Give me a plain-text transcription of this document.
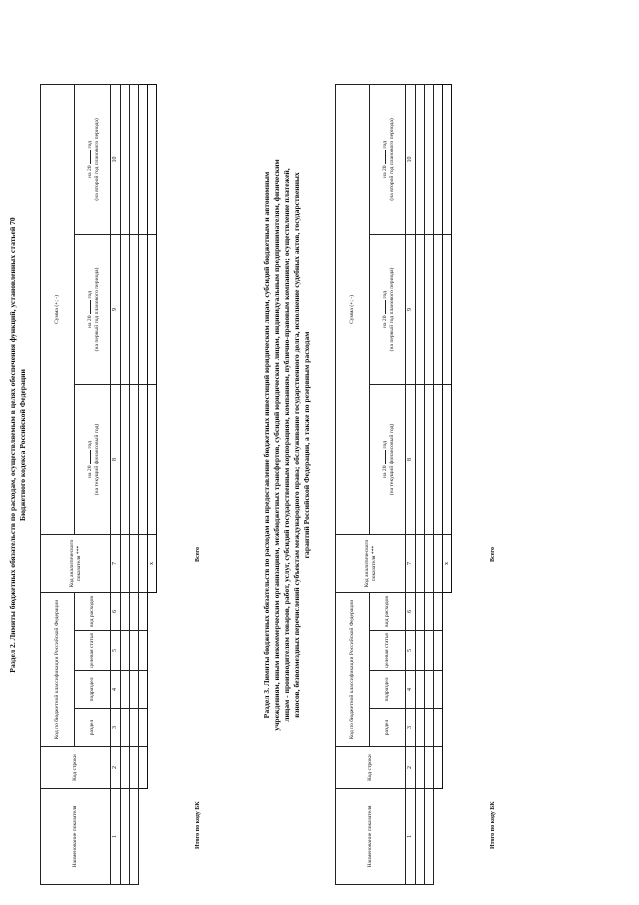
Раздел 2. Лимиты бюджетных обязательств по расходам, осуществляемым в целях обеспечения функций, установленных статьей 70 Бюджетного кодекса Российской Федерации
Наименование показателя	Код строки	Код по бюджетной классификации Российской Федерации				Код аналитического показателя ***	Сумма (+; -)		
		раздел	подраздел	целевая статья	вид расходов		на 20  год (на текущий финансовый год)	на 20  год (на первый год планового периода)	на 20  год (на второй год планового периода)

1	2	3	4	5	6	7	8	9	10

						x			
Итого по коду БК
Всего	Раздел 3. Лимиты бюджетных обязательств по расходам на предоставление бюджетных инвестиций юридическим лицам, субсидий бюджетным и автономным учреждениям, иным некоммерческим организациям, межбюджетных трансфертов, субсидий юридическим лицам, индивидуальным предпринимателям, физическим лицам - производителям товаров, работ, услуг, субсидий государственным корпорациям, компаниям, публично-правовым компаниям; осуществление платежей, взносов, безвозмездных перечислений субъектам международного права; обслуживание государственного долга, исполнение судебных актов, государственных гарантий Российской Федерации, а также по резервным расходам
Наименование показателя	Код строки	Код по бюджетной классификации Российской Федерации				Код аналитического показателя ***	Сумма (+; -)		
		раздел	подраздел	целевая статья	вид расходов		на 20  год (на текущий финансовый год)	на 20  год (на первый год планового периода)	на 20  год (на второй год планового периода)

1	2	3	4	5	6	7	8	9	10

						x			
Итого по коду БК
Всего
